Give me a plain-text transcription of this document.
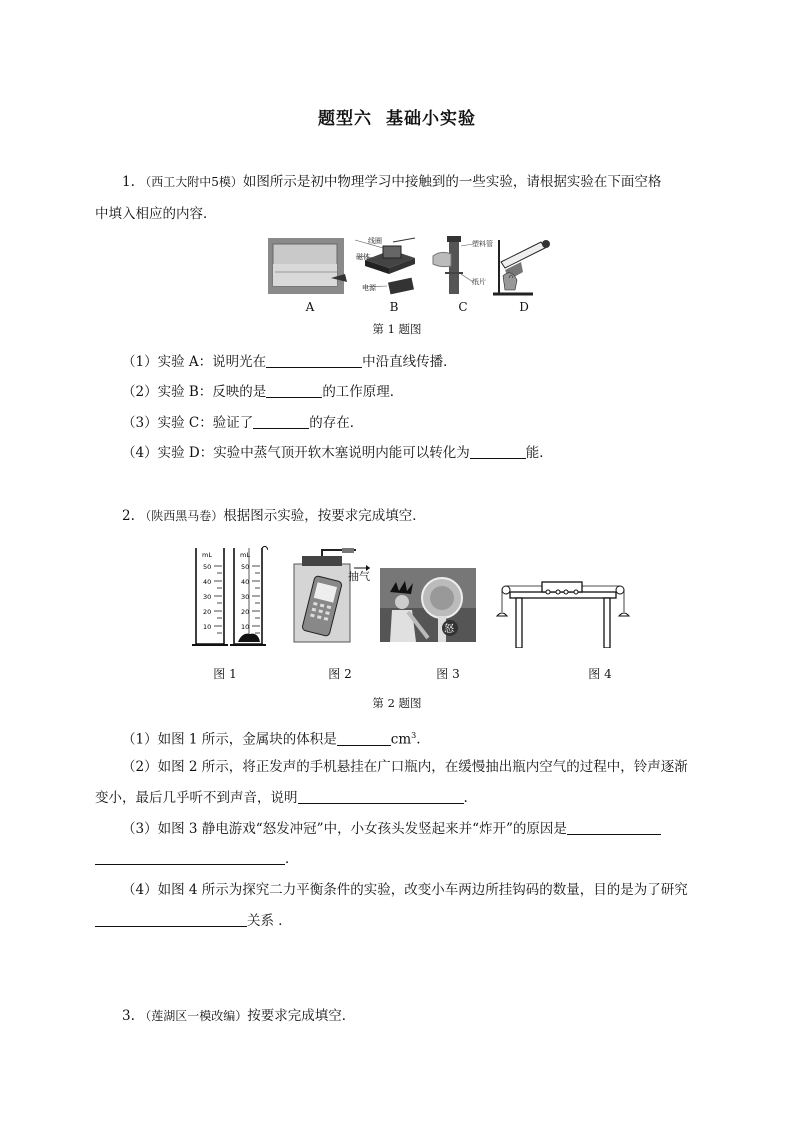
题型六 基础小实验
1. （西工大附中5模）如图所示是初中物理学习中接触到的一些实验，请根据实验在下面空格
中填入相应的内容．
线圈
磁体
电源
塑料管
纸片
A	B	C	D
第 1 题图
（1）实验 A：说明光在	中沿直线传播．
（2）实验 B：反映的是	的工作原理．
（3）实验 C：验证了	的存在．
（4）实验 D：实验中蒸气顶开软木塞说明内能可以转化为	能．
2. （陕西黑马卷）根据图示实验，按要求完成填空．
mL
50
40
30
20
10
mL
50
40
30
20
10
抽气
怒
图 1	图 2	图 3	图 4
第 2 题图
（1）如图 1 所示，金属块的体积是	$cm^3$.
（2）如图 2 所示，将正发声的手机悬挂在广口瓶内，在缓慢抽出瓶内空气的过程中，铃声逐渐
变小，最后几乎听不到声音，说明	.
（3）如图 3 静电游戏“怒发冲冠”中，小女孩头发竖起来并“炸开”的原因是
．
（4）如图 4 所示为探究二力平衡条件的实验，改变小车两边所挂钩码的数量，目的是为了研究
关系 ．
3. （莲湖区一模改编）按要求完成填空．
